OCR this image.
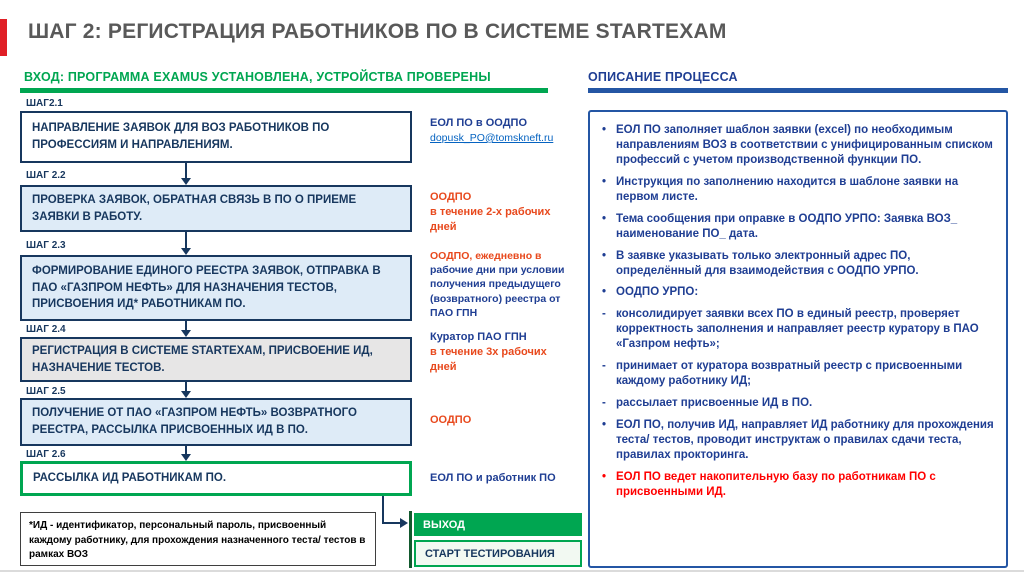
ШАГ 2: РЕГИСТРАЦИЯ РАБОТНИКОВ ПО В СИСТЕМЕ STARTEXAM
ВХОД: ПРОГРАММА EXAMUS УСТАНОВЛЕНА, УСТРОЙСТВА ПРОВЕРЕНЫ	ОПИСАНИЕ ПРОЦЕССА
ШАГ2.1
НАПРАВЛЕНИЕ ЗАЯВОК ДЛЯ ВОЗ РАБОТНИКОВ ПО ПРОФЕССИЯМ И НАПРАВЛЕНИЯМ.
ЕОЛ ПО в ООДПО
dopusk_PO@tomskneft.ru
ШАГ 2.2
ПРОВЕРКА ЗАЯВОК, ОБРАТНАЯ СВЯЗЬ В ПО О ПРИЕМЕ ЗАЯВКИ В РАБОТУ.
ООДПО
в течение 2-х рабочих дней
ШАГ 2.3
ФОРМИРОВАНИЕ ЕДИНОГО РЕЕСТРА ЗАЯВОК, ОТПРАВКА В ПАО «ГАЗПРОМ НЕФТЬ» ДЛЯ НАЗНАЧЕНИЯ ТЕСТОВ, ПРИСВОЕНИЯ ИД* РАБОТНИКАМ ПО.
ООДПО, ежедневно в рабочие дни при условии получения предыдущего (возвратного) реестра от ПАО ГПН
ШАГ 2.4
РЕГИСТРАЦИЯ В СИСТЕМЕ STARTEXAM, ПРИСВОЕНИЕ ИД, НАЗНАЧЕНИЕ ТЕСТОВ.
Куратор ПАО ГПН
в течение 3х рабочих дней
ШАГ 2.5
ПОЛУЧЕНИЕ ОТ ПАО «ГАЗПРОМ НЕФТЬ» ВОЗВРАТНОГО РЕЕСТРА, РАССЫЛКА ПРИСВОЕННЫХ ИД В ПО.
ООДПО
ШАГ 2.6
РАССЫЛКА ИД РАБОТНИКАМ ПО.	ЕОЛ ПО и работник ПО
*ИД - идентификатор, персональный пароль, присвоенный каждому работнику, для прохождения назначенного теста/ тестов в рамках ВОЗ
ВЫХОД
СТАРТ ТЕСТИРОВАНИЯ
• ЕОЛ ПО заполняет шаблон заявки (excel) по необходимым направлениям ВОЗ в соответствии с унифицированным списком профессий с учетом производственной функции ПО.
• Инструкция по заполнению находится в шаблоне заявки на первом листе.
• Тема сообщения при оправке в ООДПО УРПО: Заявка ВОЗ_ наименование ПО_ дата.
• В заявке указывать только электронный адрес ПО, определённый для взаимодействия с ООДПО УРПО.
• ООДПО УРПО:
- консолидирует заявки всех ПО в единый реестр, проверяет корректность заполнения и направляет реестр куратору в ПАО «Газпром нефть»;
- принимает от куратора возвратный реестр с присвоенными каждому работнику ИД;
- рассылает присвоенные ИД в ПО.
• ЕОЛ ПО, получив ИД, направляет ИД работнику для прохождения теста/ тестов, проводит инструктаж о правилах сдачи теста, правилах прокторинга.
• ЕОЛ ПО ведет накопительную базу по работникам ПО с присвоенными ИД.
